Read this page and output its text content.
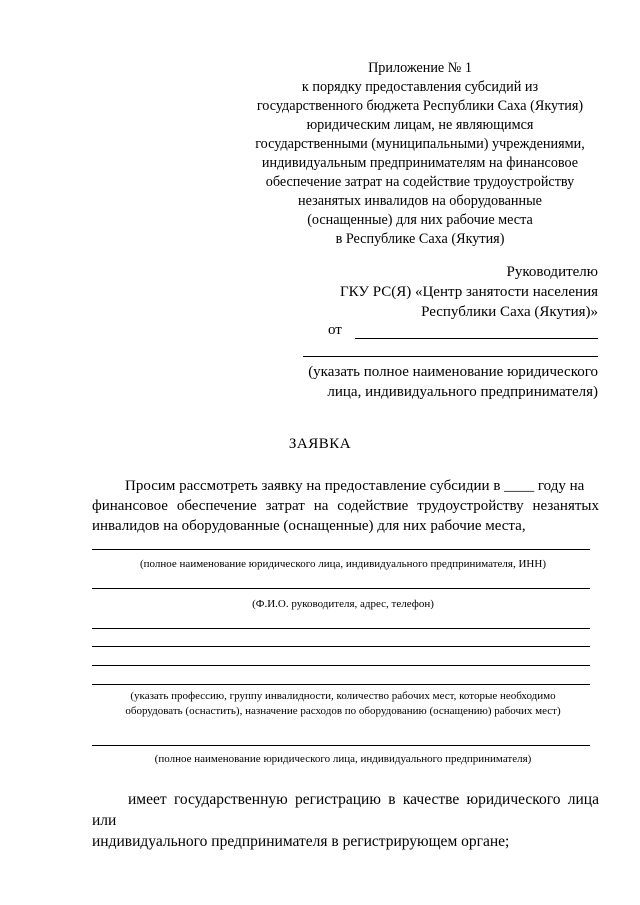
Приложение № 1
к порядку предоставления субсидий из
государственного бюджета Республики Саха (Якутия)
юридическим лицам, не являющимся
государственными (муниципальными) учреждениями,
индивидуальным предпринимателям на финансовое
обеспечение затрат на содействие трудоустройству
незанятых инвалидов на оборудованные
(оснащенные) для них рабочие места
в Республике Саха (Якутия)
Руководителю
ГКУ РС(Я) «Центр занятости населения
Республики Саха (Якутия)»
от
(указать полное наименование юридического
лица, индивидуального предпринимателя)
ЗАЯВКА
Просим рассмотреть заявку на предоставление субсидии в ____ году на
финансовое обеспечение затрат на содействие трудоустройству незанятых
инвалидов на оборудованные (оснащенные) для них рабочие места,
(полное наименование юридического лица, индивидуального предпринимателя, ИНН)
(Ф.И.О. руководителя, адрес, телефон)
(указать профессию, группу инвалидности, количество рабочих мест, которые необходимо
оборудовать (оснастить), назначение расходов по оборудованию (оснащению) рабочих мест)
(полное наименование юридического лица, индивидуального предпринимателя)
имеет государственную регистрацию в качестве юридического лица или
индивидуального предпринимателя в регистрирующем органе;
